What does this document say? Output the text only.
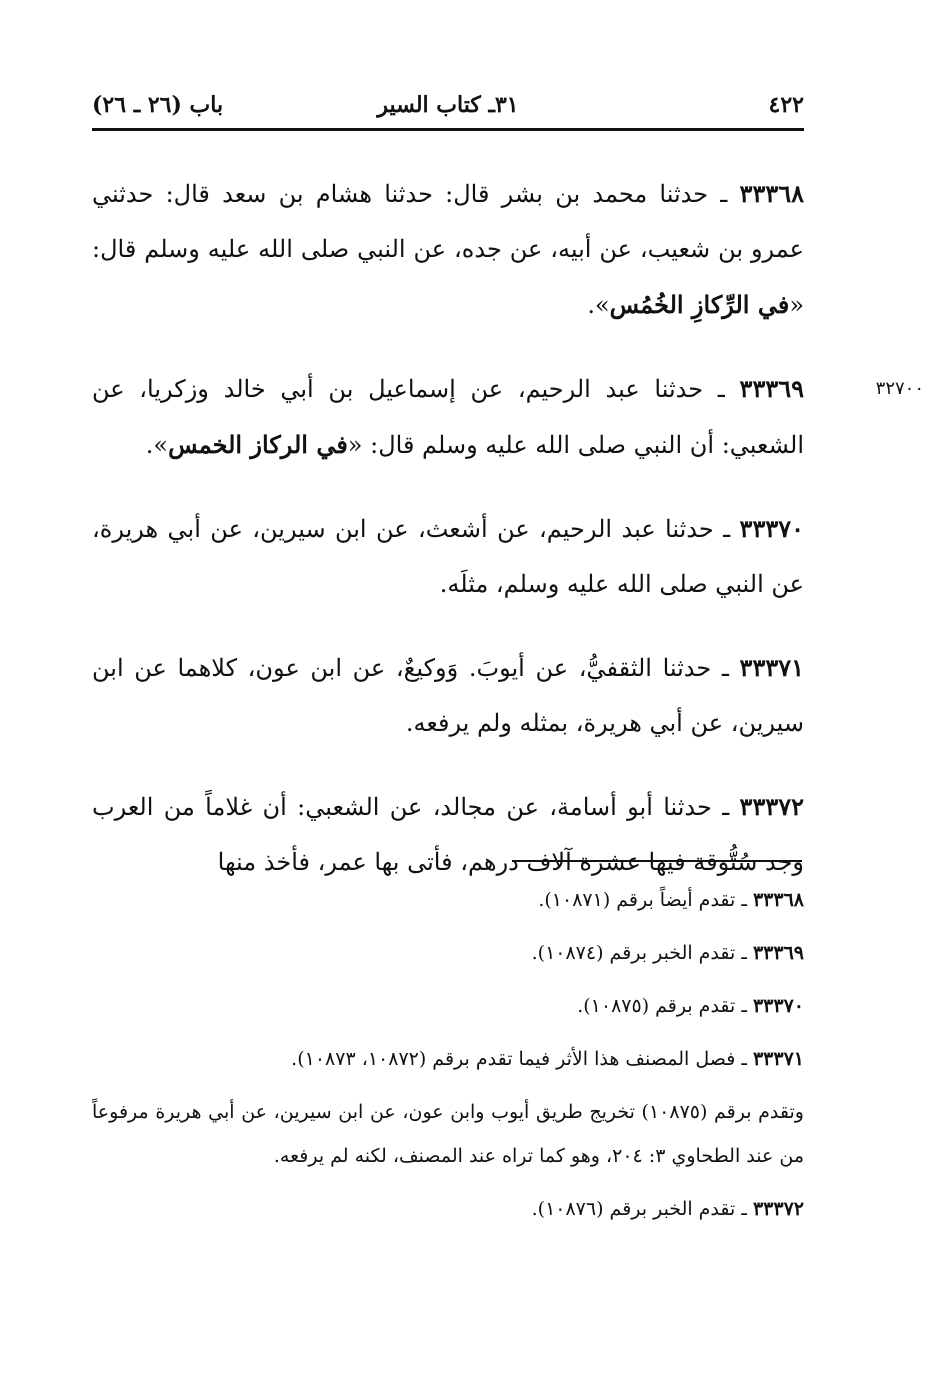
٤٢٢
٣١ـ كتاب السير
باب (٢٦ ـ ٢٦)

٣٣٣٦٨ ـ حدثنا محمد بن بشر قال: حدثنا هشام بن سعد قال: حدثني عمرو بن شعيب، عن أبيه، عن جده، عن النبي صلى الله عليه وسلم قال: «في الرِّكازِ الخُمُس».

٣٢٧٠٠
٣٣٣٦٩ ـ حدثنا عبد الرحيم، عن إسماعيل بن أبي خالد وزكريا، عن الشعبي: أن النبي صلى الله عليه وسلم قال: «في الركاز الخمس».

٣٣٣٧٠ ـ حدثنا عبد الرحيم، عن أشعث، عن ابن سيرين، عن أبي هريرة، عن النبي صلى الله عليه وسلم، مثلَه.

٣٣٣٧١ ـ حدثنا الثقفيُّ، عن أيوبَ. وَوكيعٌ، عن ابن عون، كلاهما عن ابن سيرين، عن أبي هريرة، بمثله ولم يرفعه.

٣٣٣٧٢ ـ حدثنا أبو أسامة، عن مجالد، عن الشعبي: أن غلاماً من العرب وجد سُتُّوقة فيها عشرة آلاف درهم، فأتى بها عمر، فأخذ منها

٣٣٣٦٨ ـ تقدم أيضاً برقم (١٠٨٧١).

٣٣٣٦٩ ـ تقدم الخبر برقم (١٠٨٧٤).

٣٣٣٧٠ ـ تقدم برقم (١٠٨٧٥).

٣٣٣٧١ ـ فصل المصنف هذا الأثر فيما تقدم برقم (١٠٨٧٢، ١٠٨٧٣).

وتقدم برقم (١٠٨٧٥) تخريج طريق أيوب وابن عون، عن ابن سيرين، عن أبي هريرة مرفوعاً من عند الطحاوي ٣: ٢٠٤، وهو كما تراه عند المصنف، لكنه لم يرفعه.

٣٣٣٧٢ ـ تقدم الخبر برقم (١٠٨٧٦).
